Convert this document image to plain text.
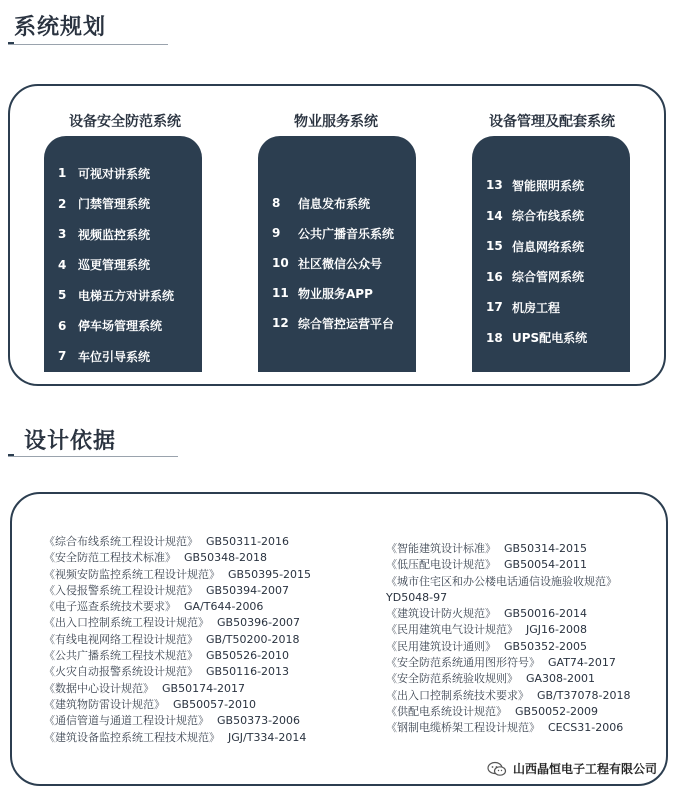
系统规划
设备安全防范系统	物业服务系统	设备管理及配套系统
1 可视对讲系统
2 门禁管理系统
3 视频监控系统
4 巡更管理系统
5 电梯五方对讲系统
6 停车场管理系统
7 车位引导系统
8	信息发布系统
9	公共广播音乐系统
10 社区微信公众号
11 物业服务APP
12 综合管控运营平台
13 智能照明系统
14 综合布线系统
15 信息网络系统
16 综合管网系统
17 机房工程
18 UPS配电系统
设计依据
《综合布线系统工程设计规范》 GB50311-2016
《安全防范工程技术标准》 GB50348-2018
《视频安防监控系统工程设计规范》 GB50395-2015
《入侵报警系统工程设计规范》 GB50394-2007
《电子巡查系统技术要求》 GA/T644-2006
《出入口控制系统工程设计规范》 GB50396-2007
《有线电视网络工程设计规范》 GB/T50200-2018
《公共广播系统工程技术规范》 GB50526-2010
《火灾自动报警系统设计规范》 GB50116-2013
《数据中心设计规范》 GB50174-2017
《建筑物防雷设计规范》 GB50057-2010
《通信管道与通道工程设计规范》 GB50373-2006
《建筑设备监控系统工程技术规范》 JGJ/T334-2014
《智能建筑设计标准》 GB50314-2015
《低压配电设计规范》 GB50054-2011
《城市住宅区和办公楼电话通信设施验收规范》
YD5048-97
《建筑设计防火规范》 GB50016-2014
《民用建筑电气设计规范》 JGJ16-2008
《民用建筑设计通则》 GB50352-2005
《安全防范系统通用图形符号》 GAT74-2017
《安全防范系统验收规则》 GA308-2001
《出入口控制系统技术要求》 GB/T37078-2018
《供配电系统设计规范》 GB50052-2009
《钢制电缆桥架工程设计规范》 CECS31-2006
山西晶恒电子工程有限公司
